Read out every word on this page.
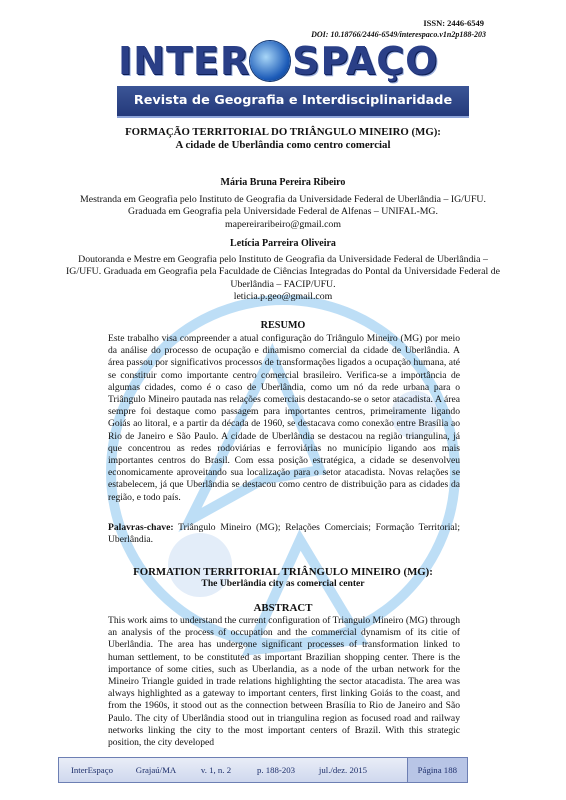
ISSN: 2446-6549
DOI: 10.18766/2446-6549/interespaco.v1n2p188-203
INTER SPAÇO
Revista de Geografia e Interdisciplinaridade
FORMAÇÃO TERRITORIAL DO TRIÂNGULO MINEIRO (MG):
A cidade de Uberlândia como centro comercial
Mária Bruna Pereira Ribeiro
Mestranda em Geografia pelo Instituto de Geografia da Universidade Federal de Uberlândia – IG/UFU. Graduada em Geografia pela Universidade Federal de Alfenas – UNIFAL-MG.
mapereiraribeiro@gmail.com
Letícia Parreira Oliveira
Doutoranda e Mestre em Geografia pelo Instituto de Geografia da Universidade Federal de Uberlândia – IG/UFU. Graduada em Geografia pela Faculdade de Ciências Integradas do Pontal da Universidade Federal de Uberlândia – FACIP/UFU.
leticia.p.geo@gmail.com
RESUMO
Este trabalho visa compreender a atual configuração do Triângulo Mineiro (MG) por meio da análise do processo de ocupação e dinamismo comercial da cidade de Uberlândia. A área passou por significativos processos de transformações ligados a ocupação humana, até se constituir como importante centro comercial brasileiro. Verifica-se a importância de algumas cidades, como é o caso de Uberlândia, como um nó da rede urbana para o Triângulo Mineiro pautada nas relações comerciais destacando-se o setor atacadista. A área sempre foi destaque como passagem para importantes centros, primeiramente ligando Goiás ao litoral, e a partir da década de 1960, se destacava como conexão entre Brasília ao Rio de Janeiro e São Paulo. A cidade de Uberlândia se destacou na região triangulina, já que concentrou as redes rodoviárias e ferroviárias no município ligando aos mais importantes centros do Brasil. Com essa posição estratégica, a cidade se desenvolveu economicamente aproveitando sua localização para o setor atacadista. Novas relações se estabelecem, já que Uberlândia se destacou como centro de distribuição para as cidades da região, e todo país.
Palavras-chave: Triângulo Mineiro (MG); Relações Comerciais; Formação Territorial; Uberlândia.
FORMATION TERRITORIAL TRIÂNGULO MINEIRO (MG):
The Uberlândia city as comercial center
ABSTRACT
This work aims to understand the current configuration of Triangulo Mineiro (MG) through an analysis of the process of occupation and the commercial dynamism of its citie of Uberlândia. The area has undergone significant processes of transformation linked to human settlement, to be constituted as important Brazilian shopping center. There is the importance of some cities, such as Uberlandia, as a node of the urban network for the Mineiro Triangle guided in trade relations highlighting the sector atacadista. The area was always highlighted as a gateway to important centers, first linking Goiás to the coast, and from the 1960s, it stood out as the connection between Brasília to Rio de Janeiro and São Paulo. The city of Uberlândia stood out in triangulina region as focused road and railway networks linking the city to the most important centers of Brazil. With this strategic position, the city developed
InterEspaço	Grajaú/MA	v. 1, n. 2	p. 188-203	jul./dez. 2015	Página 188
